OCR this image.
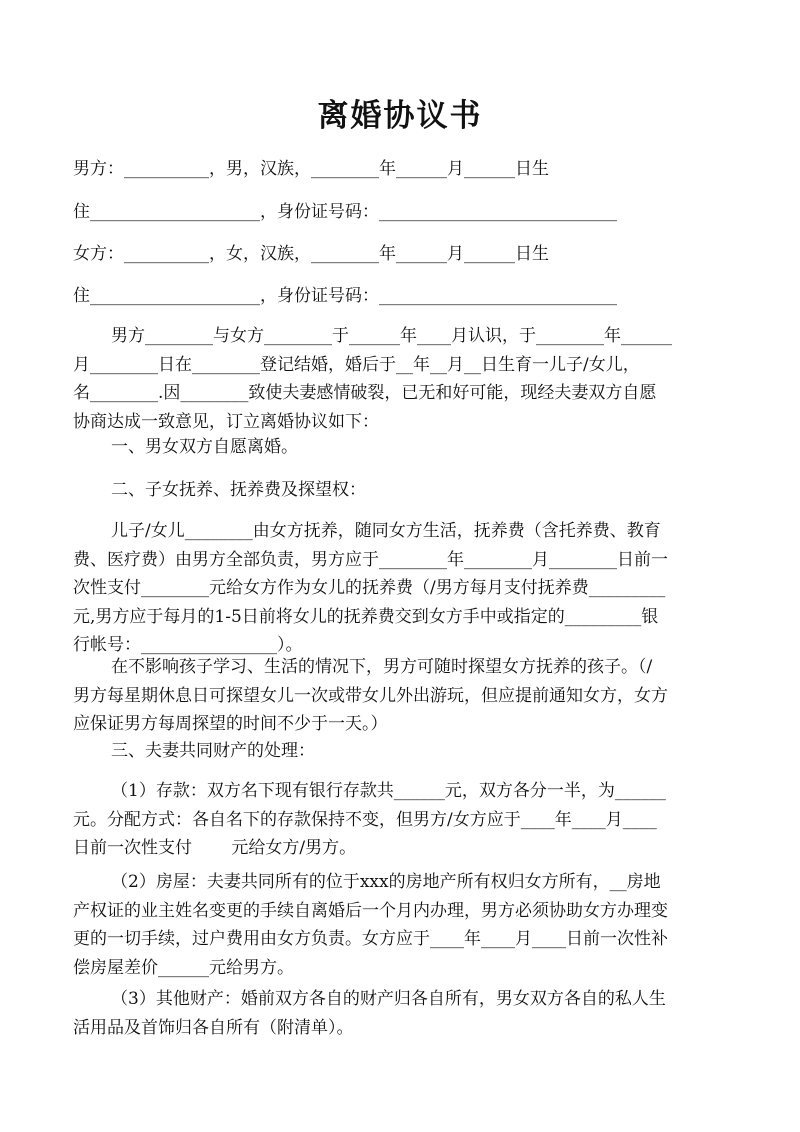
离婚协议书
男方：__________，男，汉族，________年______月______日生
住____________________，身份证号码：____________________________
女方：__________，女，汉族，________年______月______日生
住____________________，身份证号码：____________________________
男方________与女方________于______年____月认识，于________年______
月________日在________登记结婚，婚后于__年__月__日生育一儿子/女儿，
名________.因________致使夫妻感情破裂，已无和好可能，现经夫妻双方自愿
协商达成一致意见，订立离婚协议如下：
一、男女双方自愿离婚。
二、子女抚养、抚养费及探望权：
儿子/女儿________由女方抚养，随同女方生活，抚养费（含托养费、教育
费、医疗费）由男方全部负责，男方应于________年________月________日前一
次性支付________元给女方作为女儿的抚养费（/男方每月支付抚养费_________
元,男方应于每月的1-5日前将女儿的抚养费交到女方手中或指定的_________银
行帐号：________________）。
在不影响孩子学习、生活的情况下，男方可随时探望女方抚养的孩子。（/
男方每星期休息日可探望女儿一次或带女儿外出游玩，但应提前通知女方，女方
应保证男方每周探望的时间不少于一天。）
三、夫妻共同财产的处理：
（1）存款：双方名下现有银行存款共______元，双方各分一半，为______
元。分配方式：各自名下的存款保持不变，但男方/女方应于____年____月____
日前一次性支付 　　元给女方/男方。
（2）房屋：夫妻共同所有的位于xxx的房地产所有权归女方所有，__房地
产权证的业主姓名变更的手续自离婚后一个月内办理，男方必须协助女方办理变
更的一切手续，过户费用由女方负责。女方应于____年____月____日前一次性补
偿房屋差价______元给男方。
（3）其他财产：婚前双方各自的财产归各自所有，男女双方各自的私人生
活用品及首饰归各自所有（附清单）。
